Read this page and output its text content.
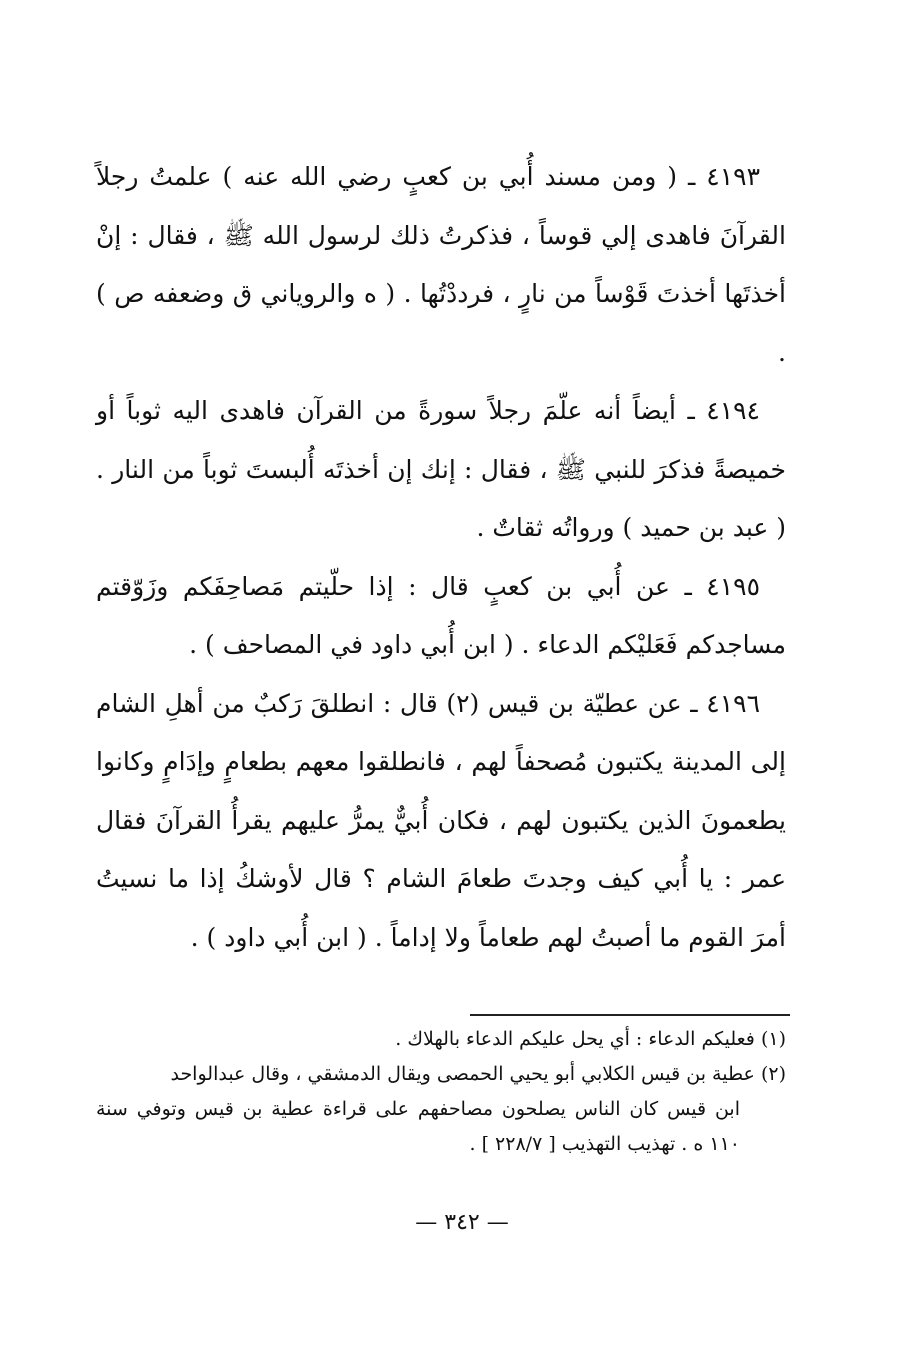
٤١٩٣ ـ ( ومن مسند أُبي بن كعبٍ رضي الله عنه ) علمتُ رجلاً القرآنَ فاهدى إلي قوساً ، فذكرتُ ذلك لرسول الله ﷺ ، فقال : إنْ أخذتَها أخذتَ قَوْساً من نارٍ ، فرددْتُها . ( ه والروياني ق وضعفه ص ) .

٤١٩٤ ـ أيضاً أنه علّمَ رجلاً سورةً من القرآن فاهدى اليه ثوباً أو خميصةً فذكرَ للنبي ﷺ ، فقال : إنك إن أخذتَه أُلبستَ ثوباً من النار . ( عبد بن حميد ) ورواتُه ثقاتٌ .

٤١٩٥ ـ عن أُبي بن كعبٍ قال : إذا حلّيتم مَصاحِفَكم وزَوّقتم مساجدكم فَعَليْكم الدعاء . ( ابن أُبي داود في المصاحف ) .

٤١٩٦ ـ عن عطيّة بن قيس (٢) قال : انطلقَ رَكبٌ من أهلِ الشام إلى المدينة يكتبون مُصحفاً لهم ، فانطلقوا معهم بطعامٍ وإدَامٍ وكانوا يطعمونَ الذين يكتبون لهم ، فكان أُبيٌّ يمرُّ عليهم يقرأُ القرآنَ فقال عمر : يا أُبي كيف وجدتَ طعامَ الشام ؟ قال لأوشكُ إذا ما نسيتُ أمرَ القوم ما أصبتُ لهم طعاماً ولا إداماً . ( ابن أُبي داود ) .

(١) فعليكم الدعاء : أي يحل عليكم الدعاء بالهلاك .

(٢) عطية بن قيس الكلابي أبو يحيي الحمصى ويقال الدمشقي ، وقال عبدالواحد
ابن قيس كان الناس يصلحون مصاحفهم على قراءة عطية بن قيس وتوفي سنة ١١٠ ه . تهذيب التهذيب [ ٢٢٨/٧ ] .

— ٣٤٢ —
